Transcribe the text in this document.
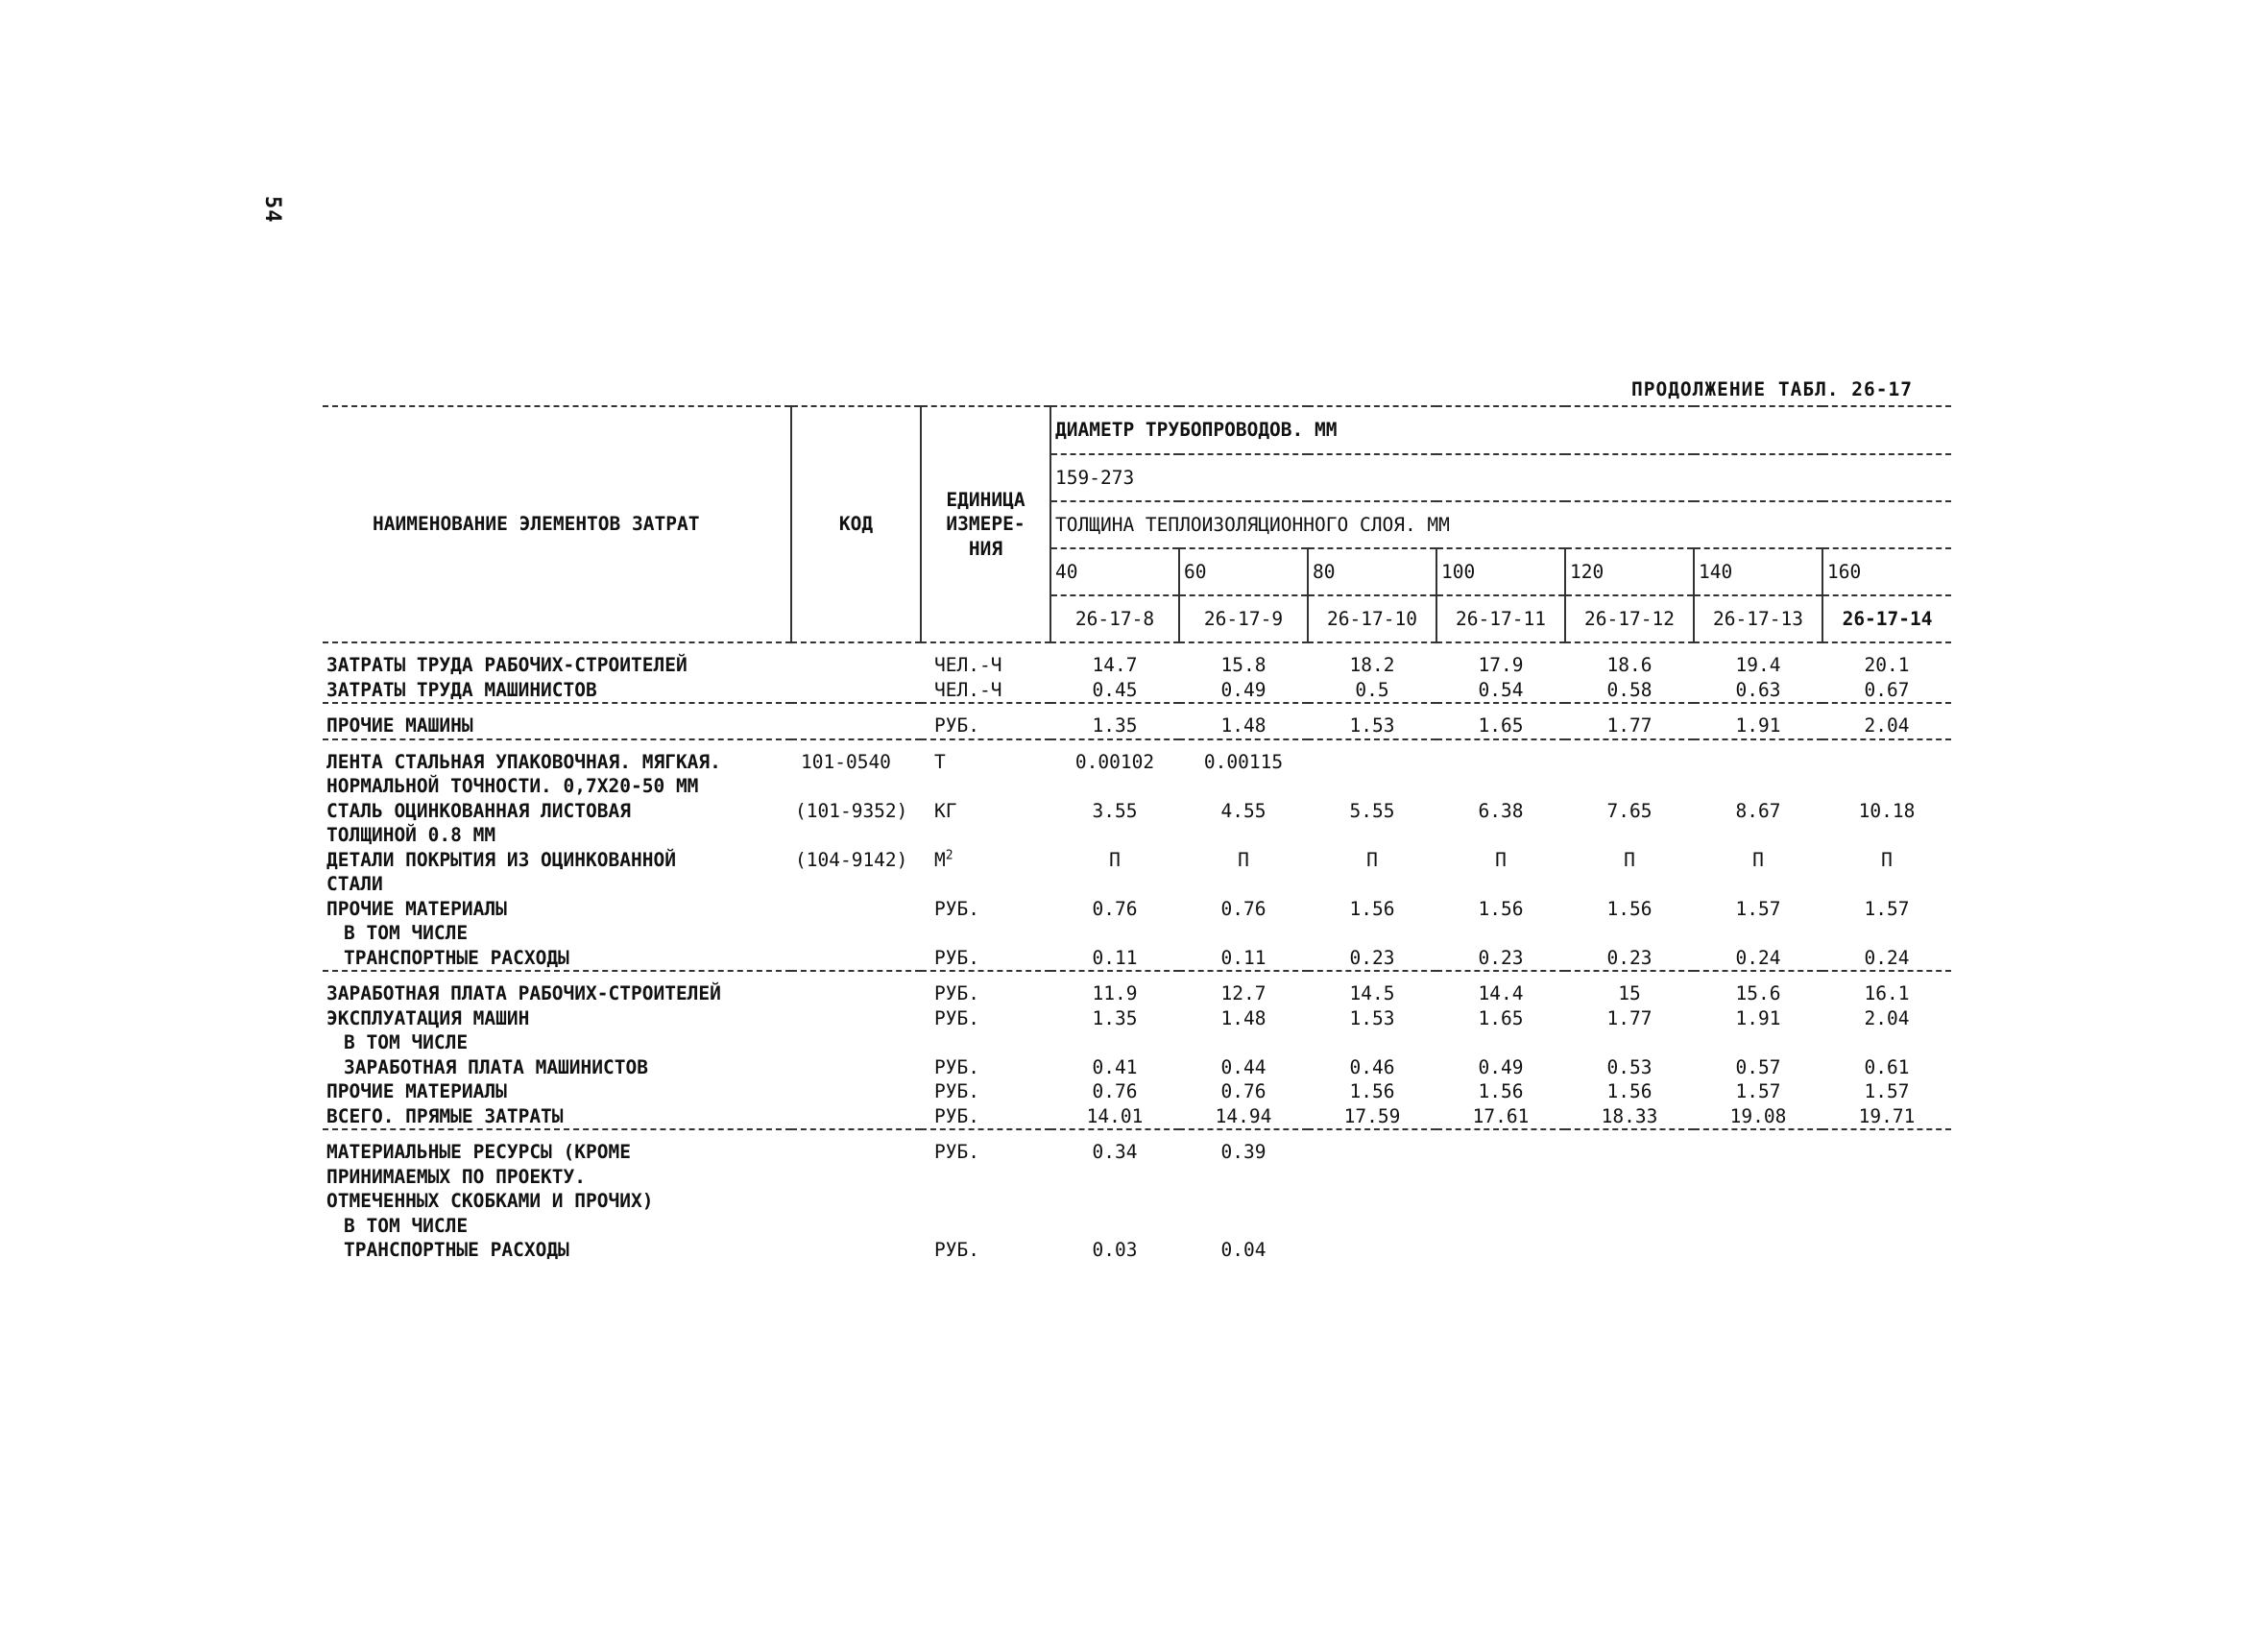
54
ПРОДОЛЖЕНИЕ ТАБЛ. 26-17
НАИМЕНОВАНИЕ ЭЛЕМЕНТОВ ЗАТРАТ	КОД	ЕДИНИЦА
ИЗМЕРЕ-
НИЯ	ДИАМЕТР ТРУБОПРОВОДОВ. ММ						
			159-273						
			ТОЛЩИНА ТЕПЛОИЗОЛЯЦИОННОГО СЛОЯ. ММ						
			40	60	80	100	120	140	160
			26-17-8	26-17-9	26-17-10	26-17-11	26-17-12	26-17-13	26-17-14

ЗАТРАТЫ ТРУДА РАБОЧИХ-СТРОИТЕЛЕЙ		ЧЕЛ.-Ч	14.7	15.8	18.2	17.9	18.6	19.4	20.1
ЗАТРАТЫ ТРУДА МАШИНИСТОВ		ЧЕЛ.-Ч	0.45	0.49	0.5	0.54	0.58	0.63	0.67

ПРОЧИЕ МАШИНЫ		РУБ.	1.35	1.48	1.53	1.65	1.77	1.91	2.04

ЛЕНТА СТАЛЬНАЯ УПАКОВОЧНАЯ. МЯГКАЯ.	101-0540	Т	0.00102	0.00115					
НОРМАЛЬНОЙ ТОЧНОСТИ. 0,7Х20-50 ММ									
СТАЛЬ ОЦИНКОВАННАЯ ЛИСТОВАЯ	(101-9352)	КГ	3.55	4.55	5.55	6.38	7.65	8.67	10.18
ТОЛЩИНОЙ 0.8 ММ									
ДЕТАЛИ ПОКРЫТИЯ ИЗ ОЦИНКОВАННОЙ	(104-9142)	$М^2$	П	П	П	П	П	П	П
СТАЛИ									
ПРОЧИЕ МАТЕРИАЛЫ		РУБ.	0.76	0.76	1.56	1.56	1.56	1.57	1.57
В ТОМ ЧИСЛЕ									
ТРАНСПОРТНЫЕ РАСХОДЫ		РУБ.	0.11	0.11	0.23	0.23	0.23	0.24	0.24

ЗАРАБОТНАЯ ПЛАТА РАБОЧИХ-СТРОИТЕЛЕЙ		РУБ.	11.9	12.7	14.5	14.4	15	15.6	16.1
ЭКСПЛУАТАЦИЯ МАШИН		РУБ.	1.35	1.48	1.53	1.65	1.77	1.91	2.04
В ТОМ ЧИСЛЕ									
ЗАРАБОТНАЯ ПЛАТА МАШИНИСТОВ		РУБ.	0.41	0.44	0.46	0.49	0.53	0.57	0.61
ПРОЧИЕ МАТЕРИАЛЫ		РУБ.	0.76	0.76	1.56	1.56	1.56	1.57	1.57
ВСЕГО. ПРЯМЫЕ ЗАТРАТЫ		РУБ.	14.01	14.94	17.59	17.61	18.33	19.08	19.71

МАТЕРИАЛЬНЫЕ РЕСУРСЫ (КРОМЕ		РУБ.	0.34	0.39					
ПРИНИМАЕМЫХ ПО ПРОЕКТУ.									
ОТМЕЧЕННЫХ СКОБКАМИ И ПРОЧИХ)									
В ТОМ ЧИСЛЕ									
ТРАНСПОРТНЫЕ РАСХОДЫ		РУБ.	0.03	0.04					
